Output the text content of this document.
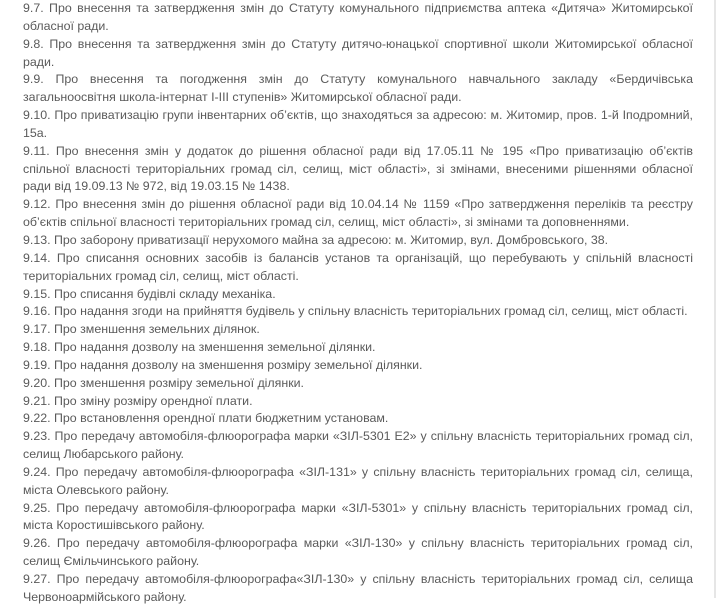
9.7. Про внесення та затвердження змін до Статуту комунального підприємства аптека «Дитяча» Житомирської обласної ради.

9.8. Про внесення та затвердження змін до Статуту дитячо-юнацької спортивної школи Житомирської обласної ради.

9.9. Про внесення та погодження змін до Статуту комунального навчального закладу «Бердичівська загальноосвітня школа-інтернат І-ІІІ ступенів» Житомирської обласної ради.

9.10. Про приватизацію групи інвентарних об’єктів, що знаходяться за адресою: м. Житомир, пров. 1-й Іподромний, 15а.

9.11. Про внесення змін у додаток до рішення обласної ради від 17.05.11 № 195 «Про приватизацію об’єктів спільної власності територіальних громад сіл, селищ, міст області», зі змінами, внесеними рішеннями обласної ради від 19.09.13 № 972, від 19.03.15 № 1438.

9.12. Про внесення змін до рішення обласної ради від 10.04.14 № 1159 «Про затвердження переліків та реєстру об’єктів спільної власності територіальних громад сіл, селищ, міст області», зі змінами та доповненнями.

9.13. Про заборону приватизації нерухомого майна за адресою: м. Житомир, вул. Домбровського, 38.

9.14. Про списання основних засобів із балансів установ та організацій, що перебувають у спільній власності територіальних громад сіл, селищ, міст області.

9.15. Про списання будівлі складу механіка.

9.16. Про надання згоди на прийняття будівель у спільну власність територіальних громад сіл, селищ, міст області.

9.17. Про зменшення земельних ділянок.

9.18. Про надання дозволу на зменшення земельної ділянки.

9.19. Про надання дозволу на зменшення розміру земельної ділянки.

9.20. Про зменшення розміру земельної ділянки.

9.21. Про зміну розміру орендної плати.

9.22. Про встановлення орендної плати бюджетним установам.

9.23. Про передачу автомобіля-флюорографа марки «ЗІЛ-5301 Е2» у спільну власність територіальних громад сіл, селищ Любарського району.

9.24. Про передачу автомобіля-флюорографа «ЗІЛ-131» у спільну власність територіальних громад сіл, селища, міста Олевського району.

9.25. Про передачу автомобіля-флюорографа марки «ЗІЛ-5301» у спільну власність територіальних громад сіл, міста Коростишівського району.

9.26. Про передачу автомобіля-флюорографа марки «ЗІЛ-130» у спільну власність територіальних громад сіл, селищ Ємільчинського району.

9.27. Про передачу автомобіля-флюорографа«ЗІЛ-130» у спільну власність територіальних громад сіл, селища Червоноармійського району.
